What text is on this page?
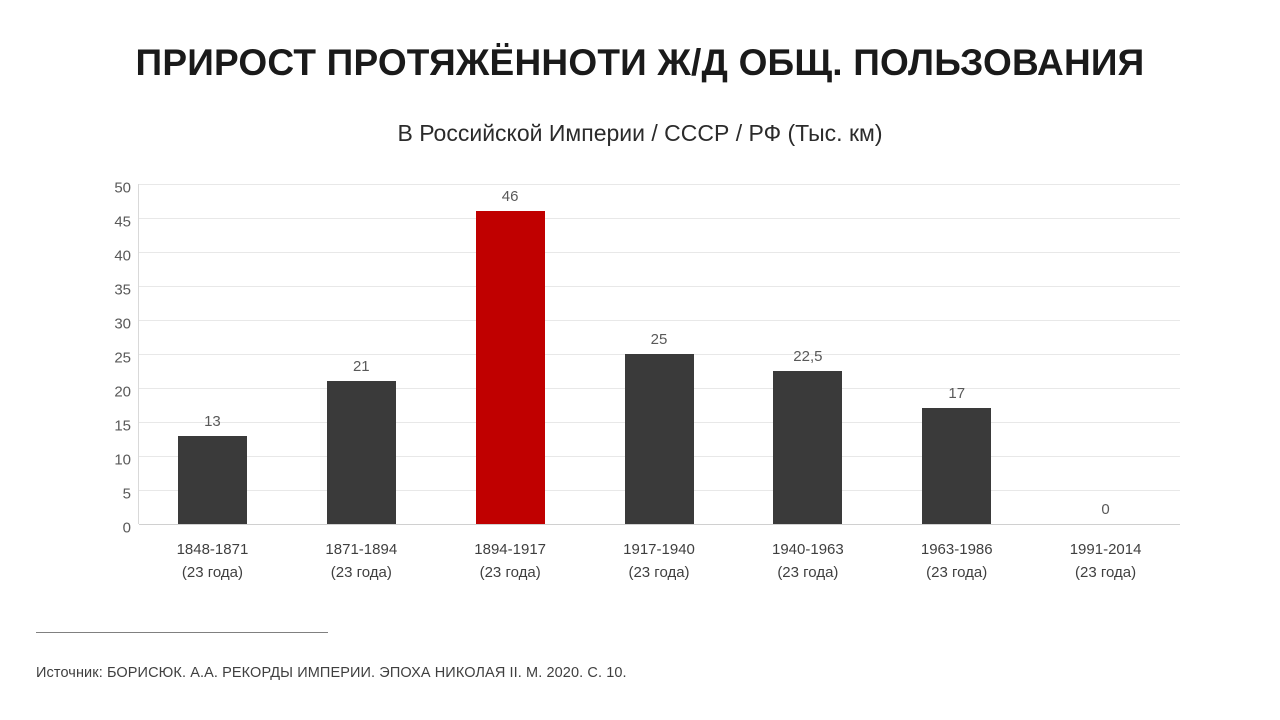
ПРИРОСТ ПРОТЯЖЁННОТИ Ж/Д ОБЩ. ПОЛЬЗОВАНИЯ
В Российской Империи / СССР / РФ (Тыс. км)
0
5
10
15
20
25
30
35
40
45
50
13
21
46
25
22,5
17
0
1848-1871
(23 года)
1871-1894
(23 года)
1894-1917
(23 года)
1917-1940
(23 года)
1940-1963
(23 года)
1963-1986
(23 года)
1991-2014
(23 года)
Источник: БОРИСЮК. А.А. РЕКОРДЫ ИМПЕРИИ. ЭПОХА НИКОЛАЯ II. М. 2020. С. 10.
